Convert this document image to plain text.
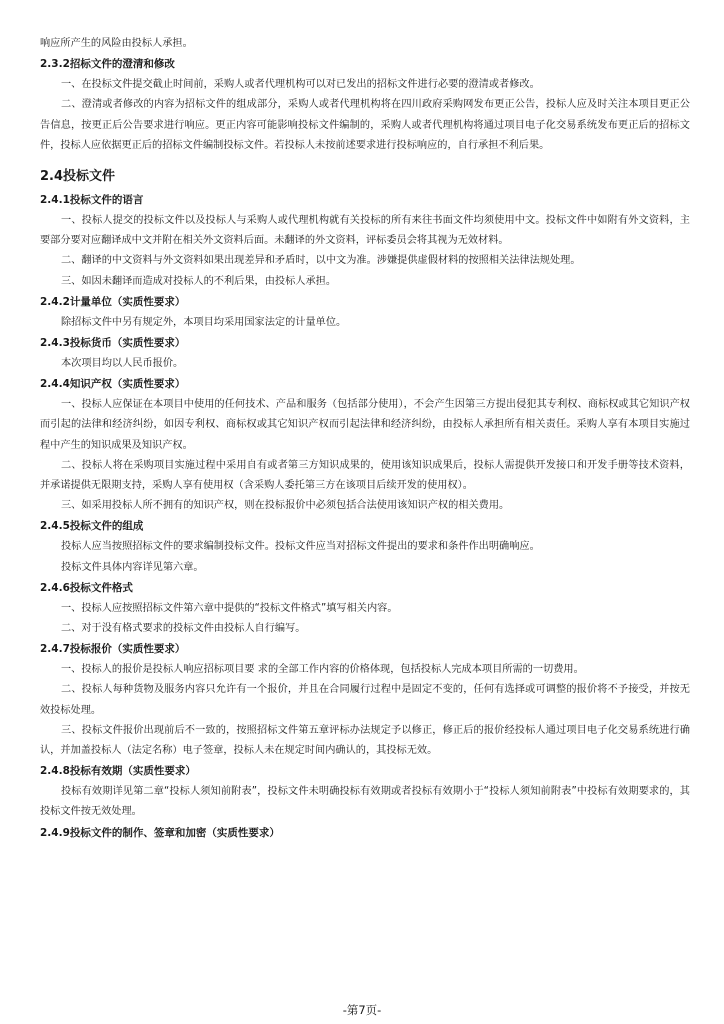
响应所产生的风险由投标人承担。

2.3.2招标文件的澄清和修改

一、在投标文件提交截止时间前，采购人或者代理机构可以对已发出的招标文件进行必要的澄清或者修改。

二、澄清或者修改的内容为招标文件的组成部分，采购人或者代理机构将在四川政府采购网发布更正公告，投标人应及时关注本项目更正公告信息，按更正后公告要求进行响应。更正内容可能影响投标文件编制的，采购人或者代理机构将通过项目电子化交易系统发布更正后的招标文件，投标人应依据更正后的招标文件编制投标文件。若投标人未按前述要求进行投标响应的，自行承担不利后果。

2.4投标文件

2.4.1投标文件的语言

一、投标人提交的投标文件以及投标人与采购人或代理机构就有关投标的所有来往书面文件均须使用中文。投标文件中如附有外文资料，主要部分要对应翻译成中文并附在相关外文资料后面。未翻译的外文资料，评标委员会将其视为无效材料。

二、翻译的中文资料与外文资料如果出现差异和矛盾时，以中文为准。涉嫌提供虚假材料的按照相关法律法规处理。

三、如因未翻译而造成对投标人的不利后果，由投标人承担。

2.4.2计量单位（实质性要求）

除招标文件中另有规定外，本项目均采用国家法定的计量单位。

2.4.3投标货币（实质性要求）

本次项目均以人民币报价。

2.4.4知识产权（实质性要求）

一、投标人应保证在本项目中使用的任何技术、产品和服务（包括部分使用），不会产生因第三方提出侵犯其专利权、商标权或其它知识产权而引起的法律和经济纠纷，如因专利权、商标权或其它知识产权而引起法律和经济纠纷，由投标人承担所有相关责任。采购人享有本项目实施过程中产生的知识成果及知识产权。

二、投标人将在采购项目实施过程中采用自有或者第三方知识成果的，使用该知识成果后，投标人需提供开发接口和开发手册等技术资料，并承诺提供无限期支持，采购人享有使用权（含采购人委托第三方在该项目后续开发的使用权）。

三、如采用投标人所不拥有的知识产权，则在投标报价中必须包括合法使用该知识产权的相关费用。

2.4.5投标文件的组成

投标人应当按照招标文件的要求编制投标文件。投标文件应当对招标文件提出的要求和条件作出明确响应。

投标文件具体内容详见第六章。

2.4.6投标文件格式

一、投标人应按照招标文件第六章中提供的“投标文件格式”填写相关内容。

二、对于没有格式要求的投标文件由投标人自行编写。

2.4.7投标报价（实质性要求）

一、投标人的报价是投标人响应招标项目要 求的全部工作内容的价格体现，包括投标人完成本项目所需的一切费用。

二、投标人每种货物及服务内容只允许有一个报价，并且在合同履行过程中是固定不变的，任何有选择或可调整的报价将不予接受，并按无效投标处理。

三、投标文件报价出现前后不一致的，按照招标文件第五章评标办法规定予以修正，修正后的报价经投标人通过项目电子化交易系统进行确认，并加盖投标人（法定名称）电子签章，投标人未在规定时间内确认的，其投标无效。

2.4.8投标有效期（实质性要求）

投标有效期详见第二章“投标人须知前附表”，投标文件未明确投标有效期或者投标有效期小于“投标人须知前附表”中投标有效期要求的，其投标文件按无效处理。

2.4.9投标文件的制作、签章和加密（实质性要求）

-第7页-
